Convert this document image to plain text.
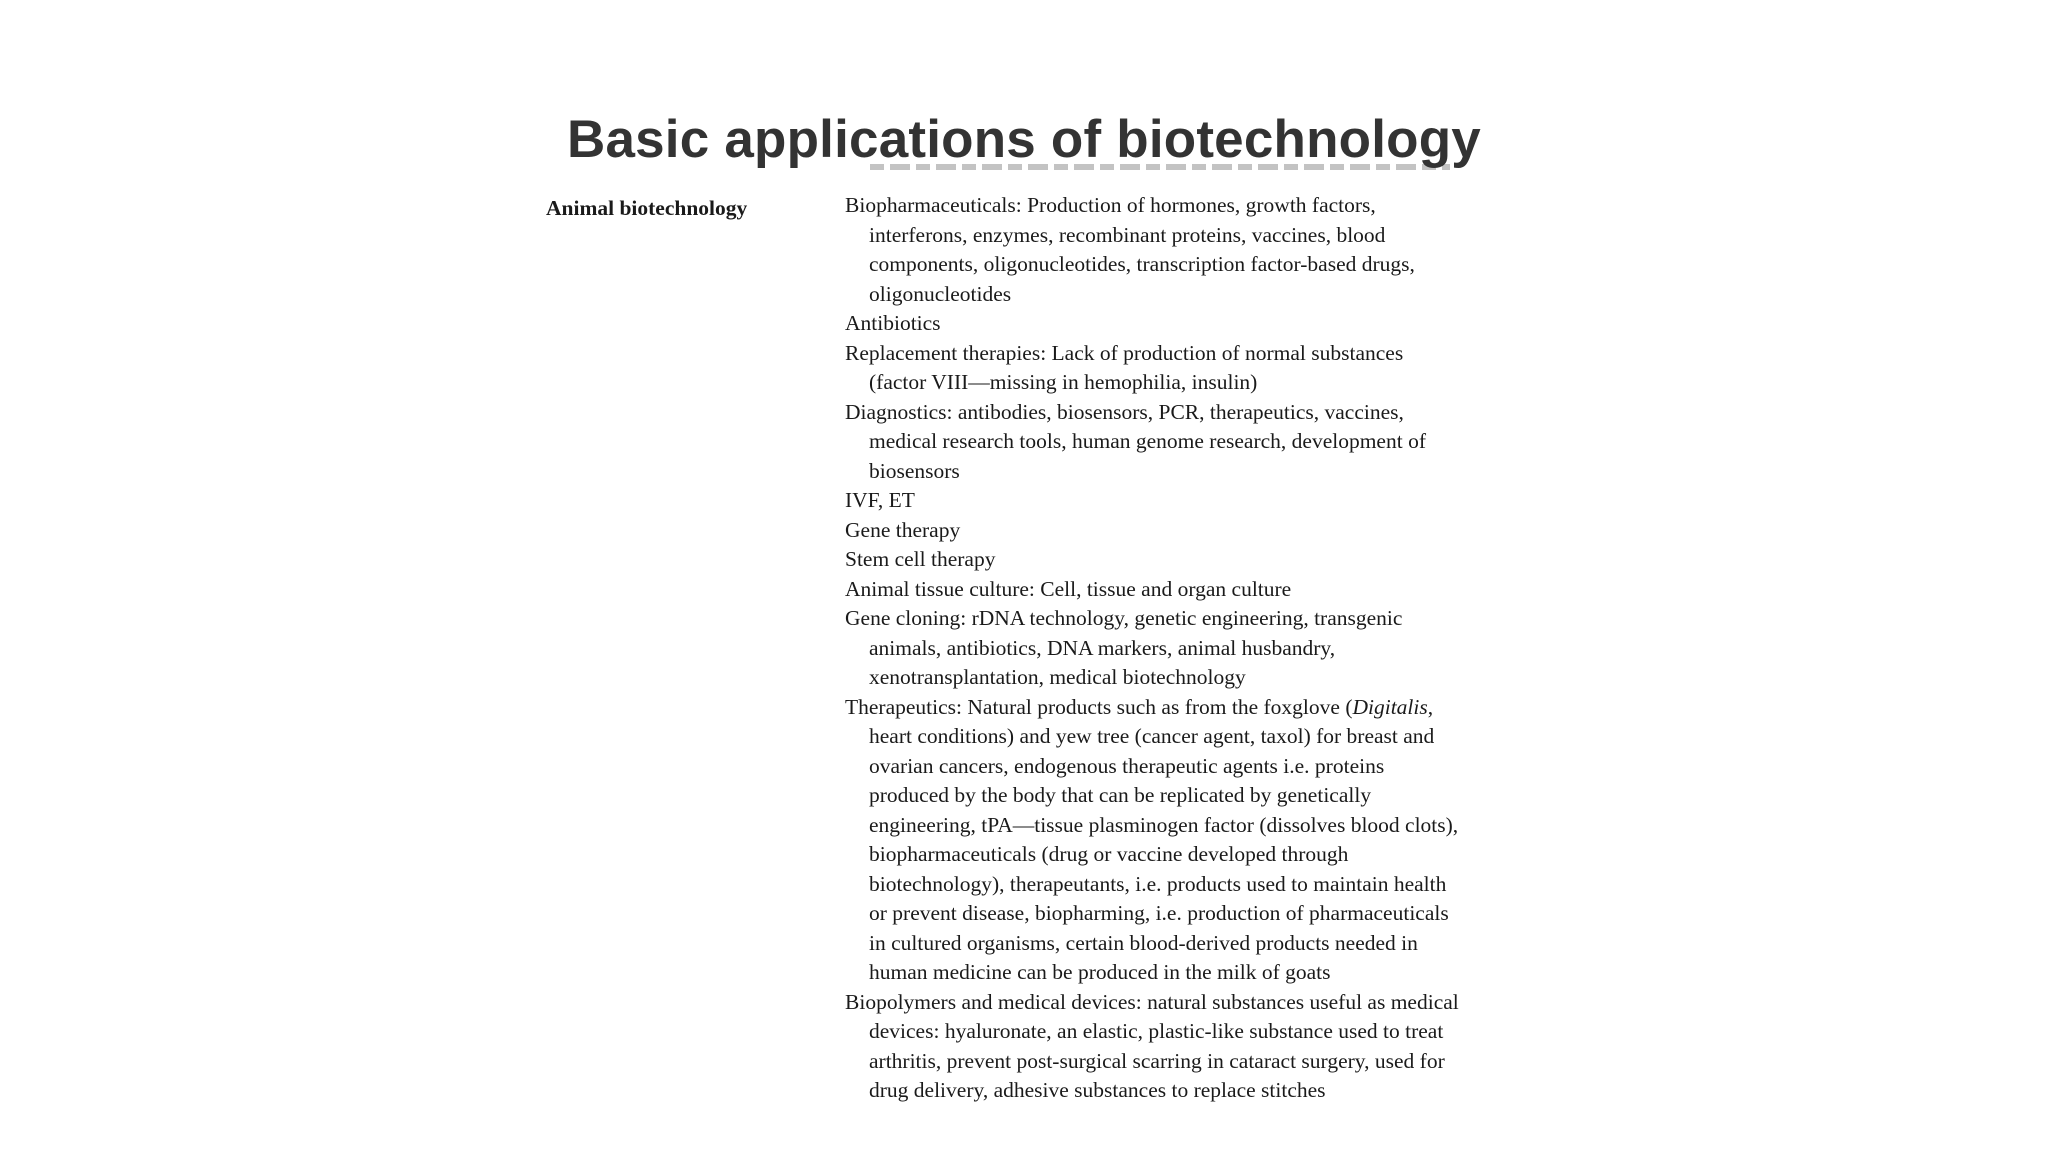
Animal biotechnology	Biopharmaceuticals: Production of hormones, growth factors, interferons, enzymes, recombinant proteins, vaccines, blood components, oligonucleotides, transcription factor-based drugs, oligonucleotides
Antibiotics
Replacement therapies: Lack of production of normal substances (factor VIII—missing in hemophilia, insulin)
Diagnostics: antibodies, biosensors, PCR, therapeutics, vaccines, medical research tools, human genome research, development of biosensors
IVF, ET
Gene therapy
Stem cell therapy
Animal tissue culture: Cell, tissue and organ culture
Gene cloning: rDNA technology, genetic engineering, transgenic animals, antibiotics, DNA markers, animal husbandry, xenotransplantation, medical biotechnology
Therapeutics: Natural products such as from the foxglove (Digitalis, heart conditions) and yew tree (cancer agent, taxol) for breast and ovarian cancers, endogenous therapeutic agents i.e. proteins produced by the body that can be replicated by genetically engineering, tPA—tissue plasminogen factor (dissolves blood clots), biopharmaceuticals (drug or vaccine developed through biotechnology), therapeutants, i.e. products used to maintain health or prevent disease, biopharming, i.e. production of pharmaceuticals in cultured organisms, certain blood-derived products needed in human medicine can be produced in the milk of goats
Biopolymers and medical devices: natural substances useful as medical devices: hyaluronate, an elastic, plastic-like substance used to treat arthritis, prevent post-surgical scarring in cataract surgery, used for drug delivery, adhesive substances to replace stitches
Basic applications of biotechnology
